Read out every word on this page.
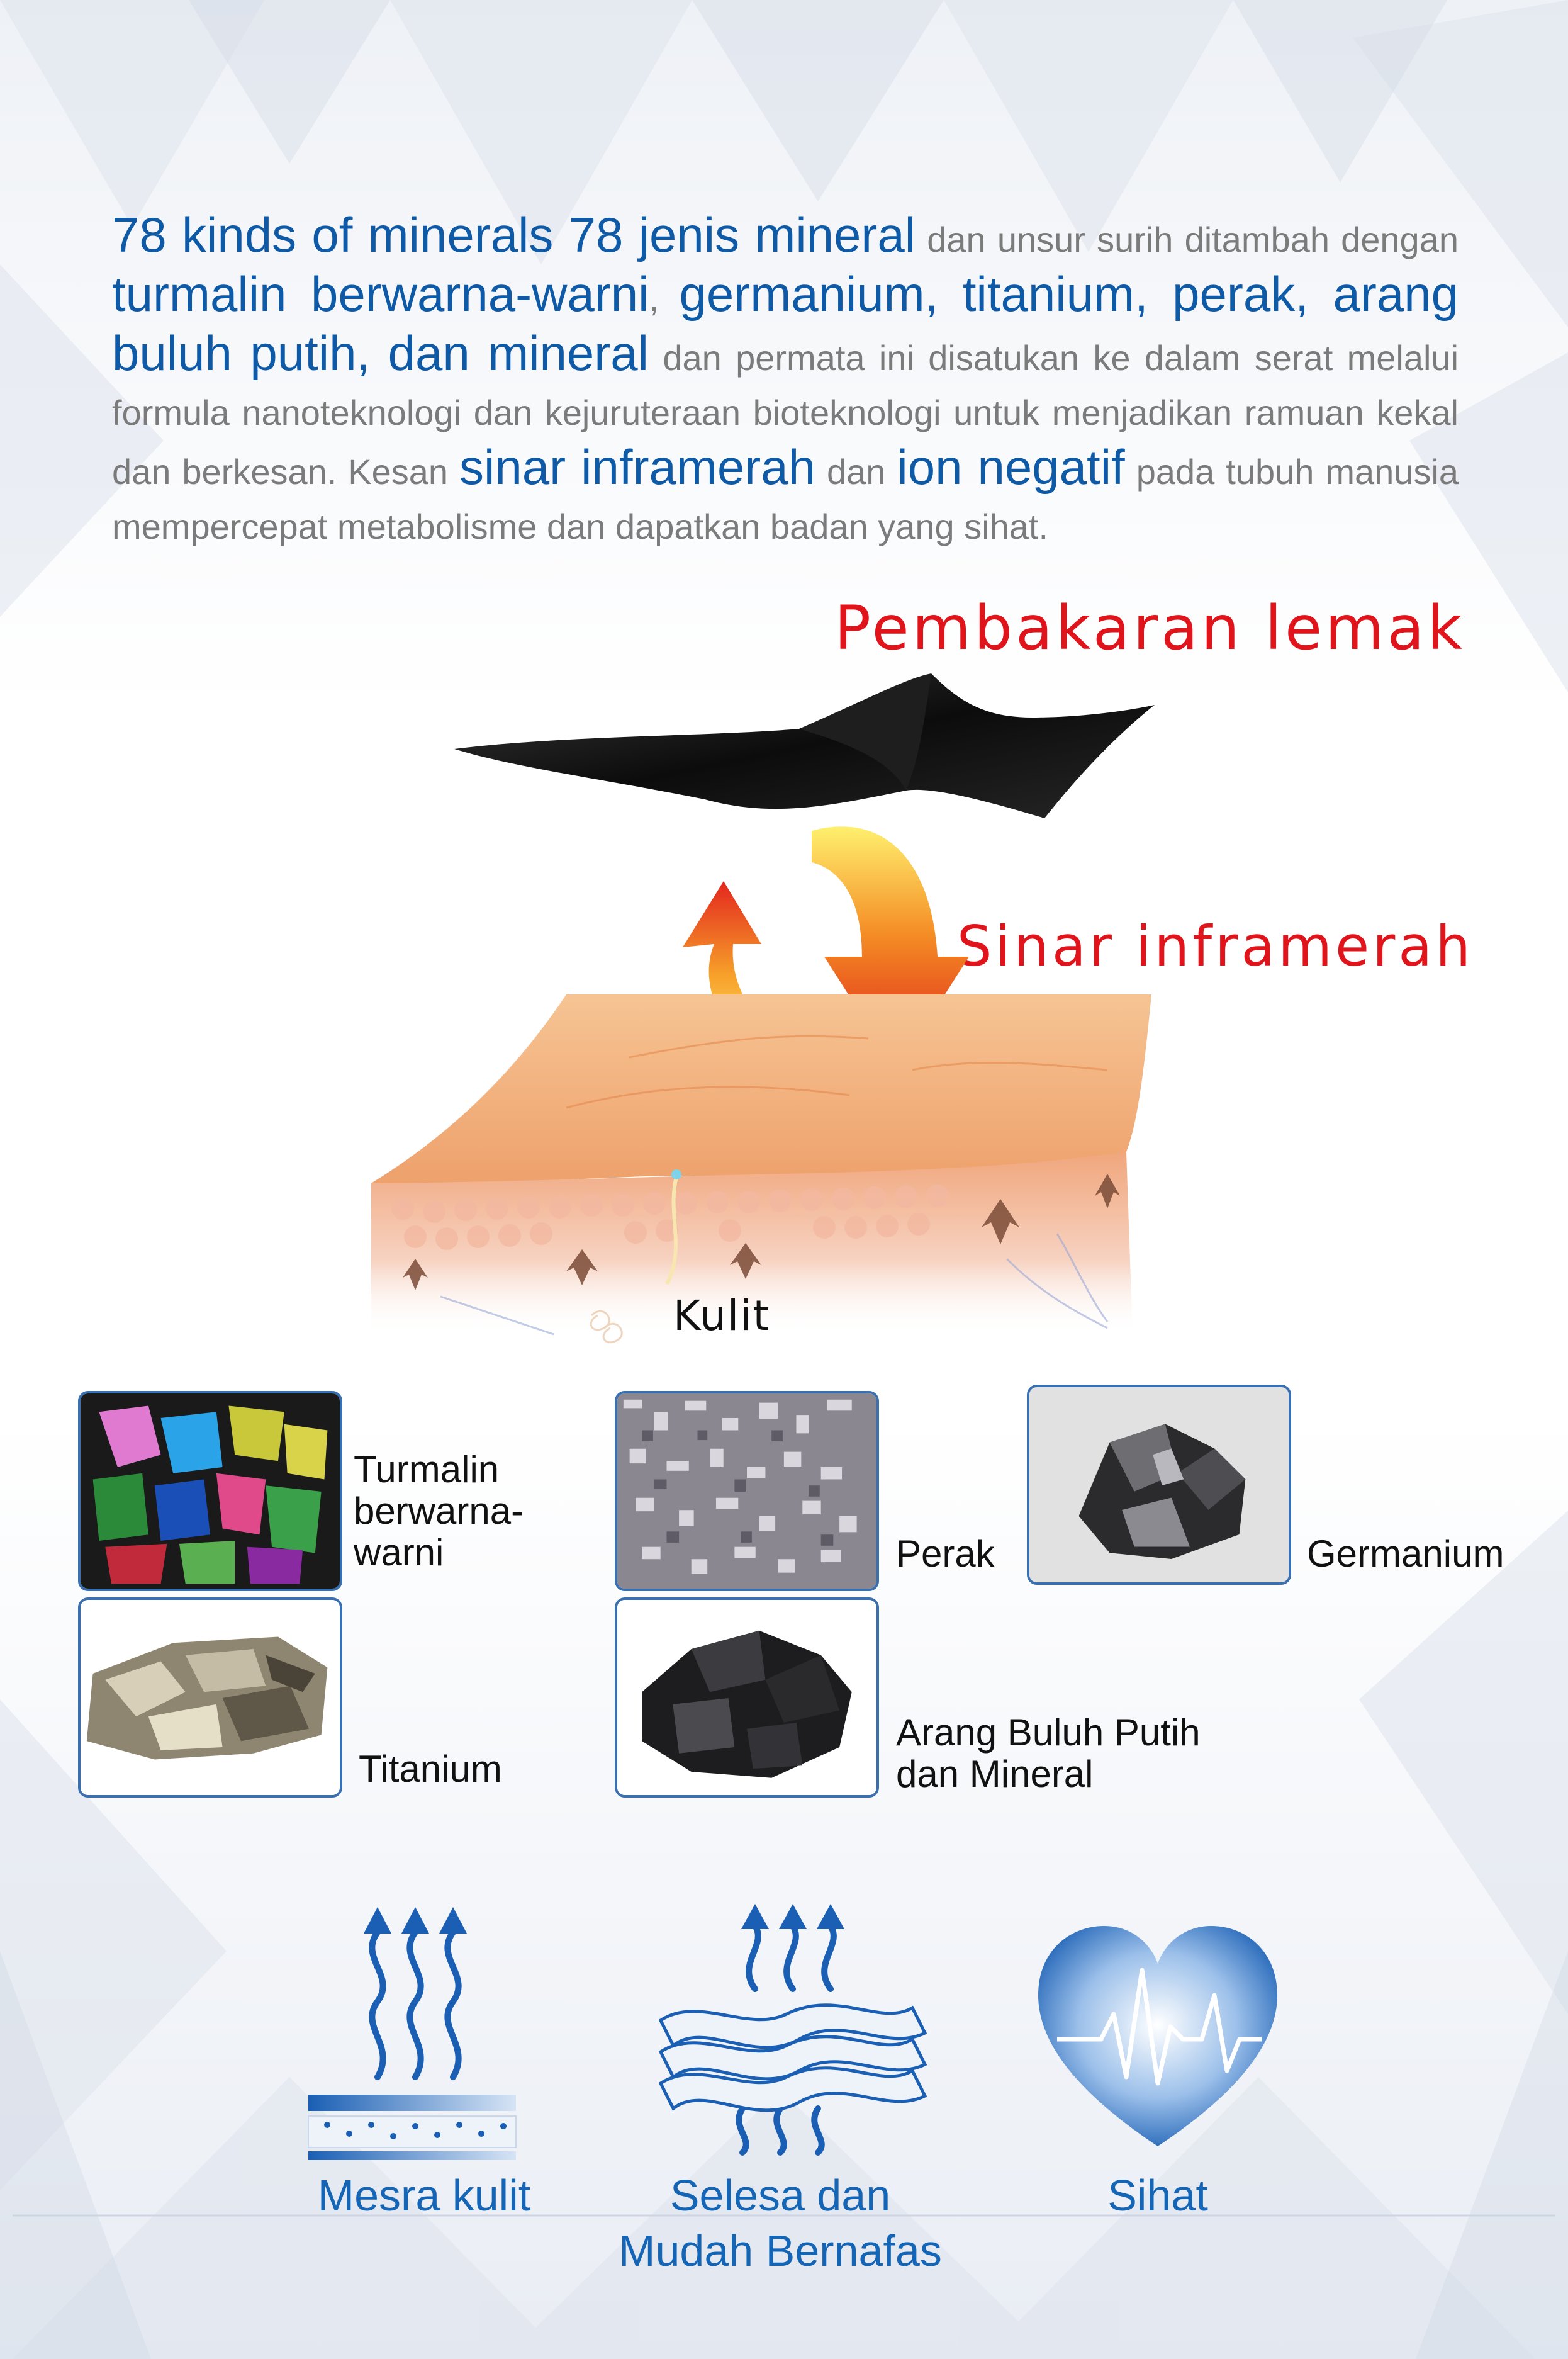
78 kinds of minerals 78 jenis mineral dan unsur surih ditambah dengan turmalin berwarna-warni, germanium, titanium, perak, arang buluh putih, dan mineral dan permata ini disatukan ke dalam serat melalui formula nanoteknologi dan kejuruteraan bioteknologi untuk menjadikan ramuan kekal dan berkesan. Kesan sinar inframerah dan ion negatif pada tubuh manusia mempercepat metabolisme dan dapatkan badan yang sihat.
Pembakaran lemak
Sinar inframerah
Kulit
Turmalin
berwarna-
warni	Perak	Germanium
Titanium
Arang Buluh Putih
dan Mineral
Mesra kulit	Selesa dan
Mudah Bernafas
Sihat
